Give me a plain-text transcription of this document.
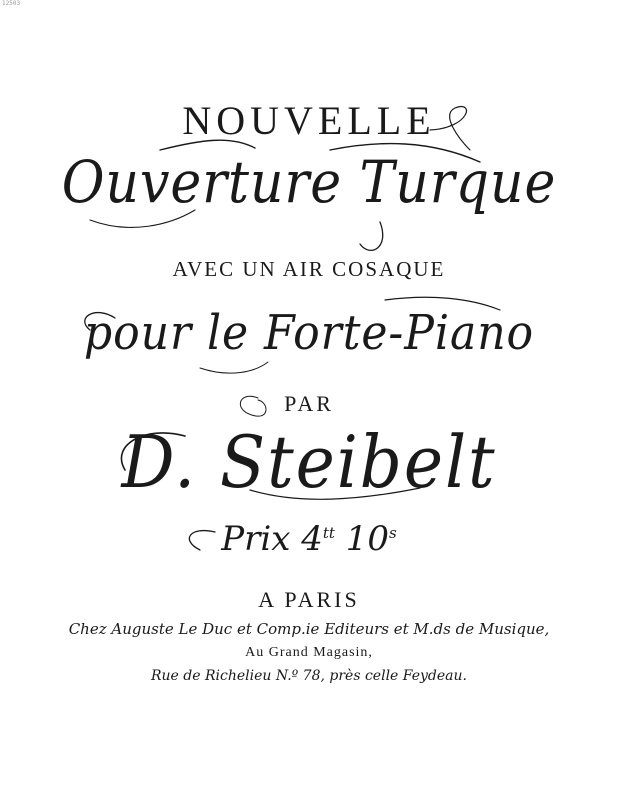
12503
NOUVELLE
Ouverture Turque
AVEC UN AIR COSAQUE
pour le Forte-Piano
PAR
D. Steibelt
Prix $4^{tt}$ 10$^s$
A PARIS
Chez Auguste Le Duc et Comp.ie Editeurs et M.ds de Musique,
Au Grand Magasin,
Rue de Richelieu N.º 78, près celle Feydeau.
